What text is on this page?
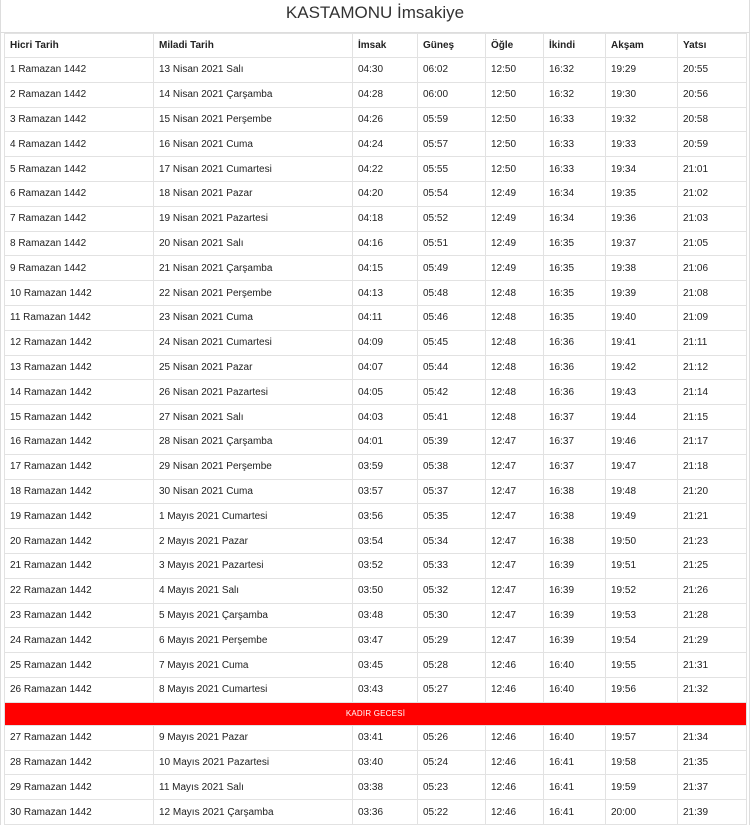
KASTAMONU İmsakiye
Hicri Tarih	Miladi Tarih	İmsak	Güneş	Öğle	İkindi	Akşam	Yatsı
1 Ramazan 1442	13 Nisan 2021 Salı	04:30	06:02	12:50	16:32	19:29	20:55
2 Ramazan 1442	14 Nisan 2021 Çarşamba	04:28	06:00	12:50	16:32	19:30	20:56
3 Ramazan 1442	15 Nisan 2021 Perşembe	04:26	05:59	12:50	16:33	19:32	20:58
4 Ramazan 1442	16 Nisan 2021 Cuma	04:24	05:57	12:50	16:33	19:33	20:59
5 Ramazan 1442	17 Nisan 2021 Cumartesi	04:22	05:55	12:50	16:33	19:34	21:01
6 Ramazan 1442	18 Nisan 2021 Pazar	04:20	05:54	12:49	16:34	19:35	21:02
7 Ramazan 1442	19 Nisan 2021 Pazartesi	04:18	05:52	12:49	16:34	19:36	21:03
8 Ramazan 1442	20 Nisan 2021 Salı	04:16	05:51	12:49	16:35	19:37	21:05
9 Ramazan 1442	21 Nisan 2021 Çarşamba	04:15	05:49	12:49	16:35	19:38	21:06
10 Ramazan 1442	22 Nisan 2021 Perşembe	04:13	05:48	12:48	16:35	19:39	21:08
11 Ramazan 1442	23 Nisan 2021 Cuma	04:11	05:46	12:48	16:35	19:40	21:09
12 Ramazan 1442	24 Nisan 2021 Cumartesi	04:09	05:45	12:48	16:36	19:41	21:11
13 Ramazan 1442	25 Nisan 2021 Pazar	04:07	05:44	12:48	16:36	19:42	21:12
14 Ramazan 1442	26 Nisan 2021 Pazartesi	04:05	05:42	12:48	16:36	19:43	21:14
15 Ramazan 1442	27 Nisan 2021 Salı	04:03	05:41	12:48	16:37	19:44	21:15
16 Ramazan 1442	28 Nisan 2021 Çarşamba	04:01	05:39	12:47	16:37	19:46	21:17
17 Ramazan 1442	29 Nisan 2021 Perşembe	03:59	05:38	12:47	16:37	19:47	21:18
18 Ramazan 1442	30 Nisan 2021 Cuma	03:57	05:37	12:47	16:38	19:48	21:20
19 Ramazan 1442	1 Mayıs 2021 Cumartesi	03:56	05:35	12:47	16:38	19:49	21:21
20 Ramazan 1442	2 Mayıs 2021 Pazar	03:54	05:34	12:47	16:38	19:50	21:23
21 Ramazan 1442	3 Mayıs 2021 Pazartesi	03:52	05:33	12:47	16:39	19:51	21:25
22 Ramazan 1442	4 Mayıs 2021 Salı	03:50	05:32	12:47	16:39	19:52	21:26
23 Ramazan 1442	5 Mayıs 2021 Çarşamba	03:48	05:30	12:47	16:39	19:53	21:28
24 Ramazan 1442	6 Mayıs 2021 Perşembe	03:47	05:29	12:47	16:39	19:54	21:29
25 Ramazan 1442	7 Mayıs 2021 Cuma	03:45	05:28	12:46	16:40	19:55	21:31
26 Ramazan 1442	8 Mayıs 2021 Cumartesi	03:43	05:27	12:46	16:40	19:56	21:32
KADIR GECESİ							
27 Ramazan 1442	9 Mayıs 2021 Pazar	03:41	05:26	12:46	16:40	19:57	21:34
28 Ramazan 1442	10 Mayıs 2021 Pazartesi	03:40	05:24	12:46	16:41	19:58	21:35
29 Ramazan 1442	11 Mayıs 2021 Salı	03:38	05:23	12:46	16:41	19:59	21:37
30 Ramazan 1442	12 Mayıs 2021 Çarşamba	03:36	05:22	12:46	16:41	20:00	21:39
